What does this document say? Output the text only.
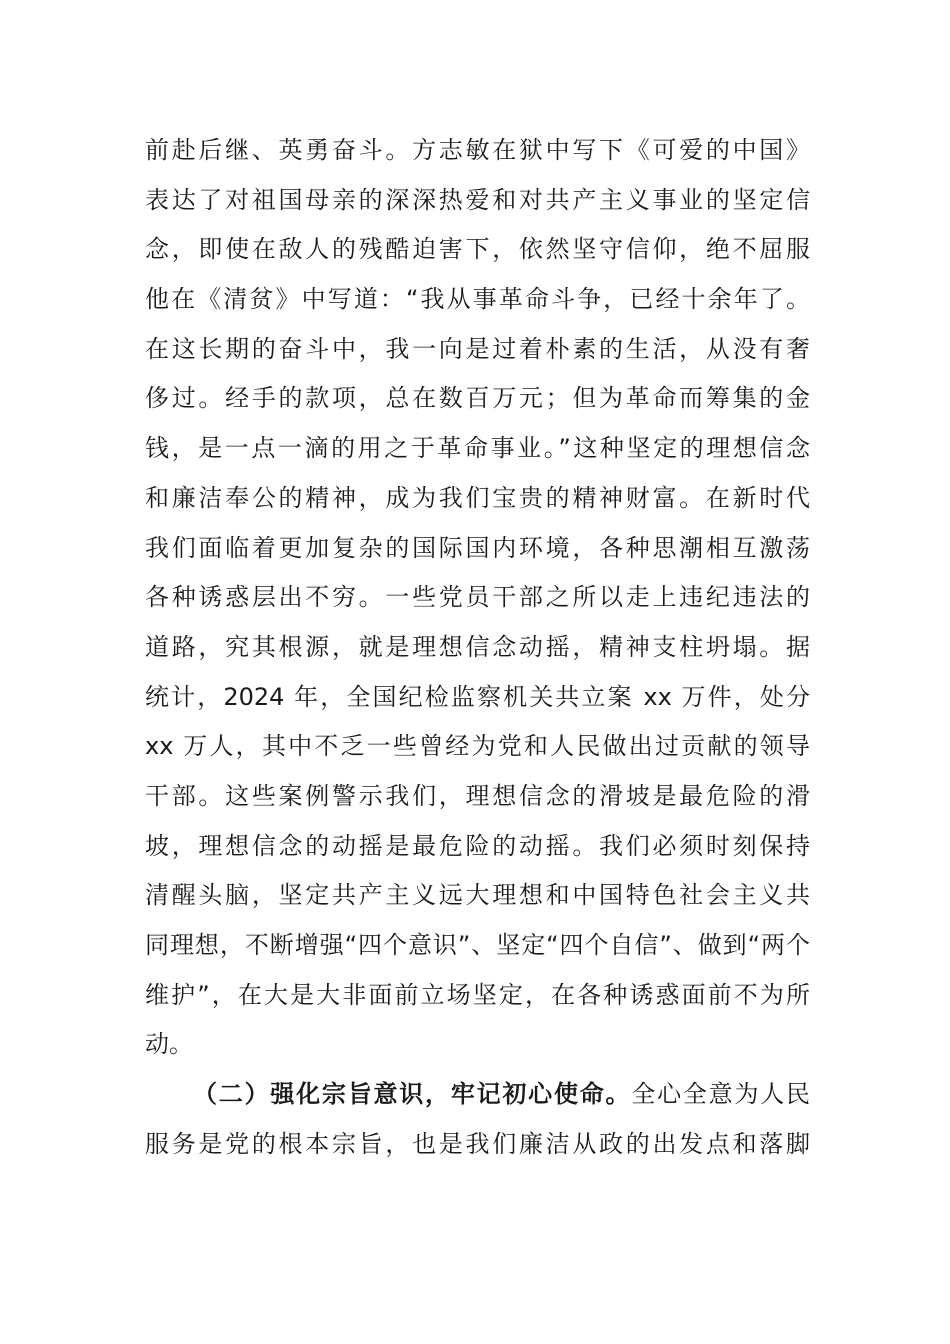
前赴后继、英勇奋斗。方志敏在狱中写下《可爱的中国》
表达了对祖国母亲的深深热爱和对共产主义事业的坚定信
念，即使在敌人的残酷迫害下，依然坚守信仰，绝不屈服
他在《清贫》中写道：“我从事革命斗争，已经十余年了。
在这长期的奋斗中，我一向是过着朴素的生活，从没有奢
侈过。经手的款项，总在数百万元；但为革命而筹集的金
钱，是一点一滴的用之于革命事业。”这种坚定的理想信念
和廉洁奉公的精神，成为我们宝贵的精神财富。在新时代
我们面临着更加复杂的国际国内环境，各种思潮相互激荡
各种诱惑层出不穷。一些党员干部之所以走上违纪违法的
道路，究其根源，就是理想信念动摇，精神支柱坍塌。据
统计，2024 年，全国纪检监察机关共立案 xx 万件，处分
xx 万人，其中不乏一些曾经为党和人民做出过贡献的领导
干部。这些案例警示我们，理想信念的滑坡是最危险的滑
坡，理想信念的动摇是最危险的动摇。我们必须时刻保持
清醒头脑，坚定共产主义远大理想和中国特色社会主义共
同理想，不断增强“四个意识”、坚定“四个自信”、做到“两个
维护”，在大是大非面前立场坚定，在各种诱惑面前不为所
动。
（二）强化宗旨意识，牢记初心使命。全心全意为人民
服务是党的根本宗旨，也是我们廉洁从政的出发点和落脚
